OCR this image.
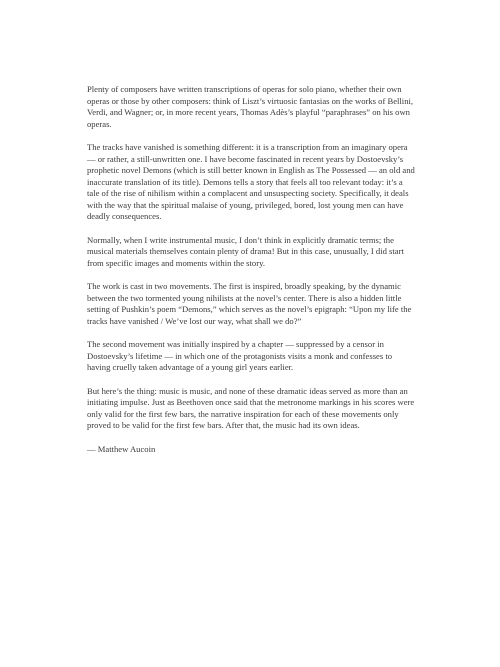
Plenty of composers have written transcriptions of operas for solo piano, whether their own operas or those by other composers: think of Liszt’s virtuosic fantasias on the works of Bellini, Verdi, and Wagner; or, in more recent years, Thomas Adès’s playful “paraphrases” on his own operas.

The tracks have vanished is something different: it is a transcription from an imaginary opera — or rather, a still-unwritten one. I have become fascinated in recent years by Dostoevsky’s prophetic novel Demons (which is still better known in English as The Possessed — an old and inaccurate translation of its title). Demons tells a story that feels all too relevant today: it’s a tale of the rise of nihilism within a complacent and unsuspecting society. Specifically, it deals with the way that the spiritual malaise of young, privileged, bored, lost young men can have deadly consequences.

Normally, when I write instrumental music, I don’t think in explicitly dramatic terms; the musical materials themselves contain plenty of drama! But in this case, unusually, I did start from specific images and moments within the story.

The work is cast in two movements. The first is inspired, broadly speaking, by the dynamic between the two tormented young nihilists at the novel’s center. There is also a hidden little setting of Pushkin’s poem “Demons,” which serves as the novel’s epigraph: “Upon my life the tracks have vanished / We’ve lost our way, what shall we do?”

The second movement was initially inspired by a chapter — suppressed by a censor in Dostoevsky’s lifetime — in which one of the protagonists visits a monk and confesses to having cruelly taken advantage of a young girl years earlier.

But here’s the thing: music is music, and none of these dramatic ideas served as more than an initiating impulse. Just as Beethoven once said that the metronome markings in his scores were only valid for the first few bars, the narrative inspiration for each of these movements only proved to be valid for the first few bars. After that, the music had its own ideas.

— Matthew Aucoin
